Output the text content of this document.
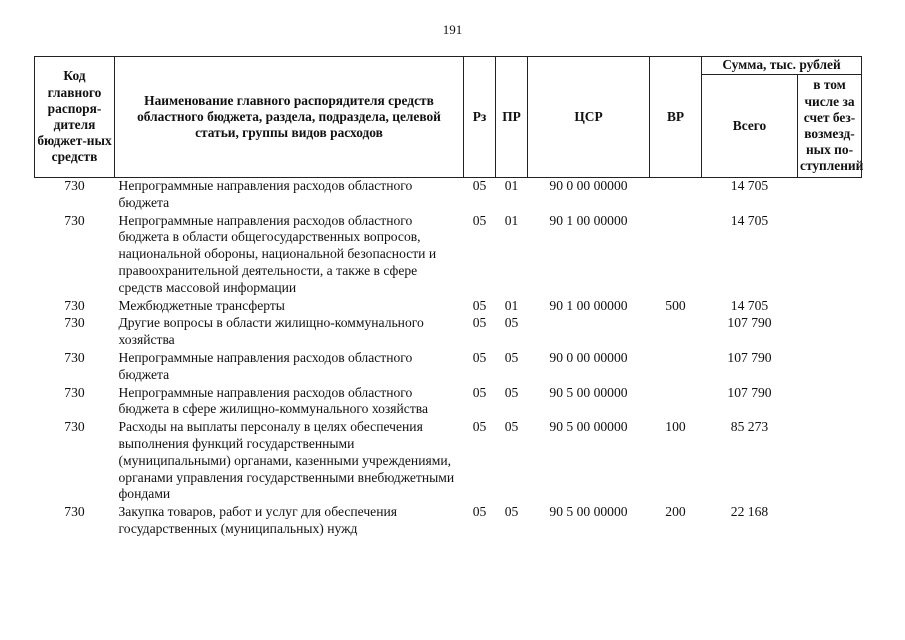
191
Код главного распоря-дителя бюджет-ных средств	Наименование главного распорядителя средств областного бюджета, раздела, подраздела, целевой статьи, группы видов расходов	Рз	ПР	ЦСР	ВР	Сумма, тыс. рублей	
						Всего	в том числе за счет без-возмезд-ных по-ступлений
730	Непрограммные направления расходов областного бюджета	05	01	90 0 00 00000		14 705	
730	Непрограммные направления расходов областного бюджета в области общегосударственных вопросов, национальной обороны, национальной безопасности и правоохранительной деятельности, а также в сфере средств массовой информации	05	01	90 1 00 00000		14 705	
730	Межбюджетные трансферты	05	01	90 1 00 00000	500	14 705	
730	Другие вопросы в области жилищно-коммунального хозяйства	05	05			107 790	
730	Непрограммные направления расходов областного бюджета	05	05	90 0 00 00000		107 790	
730	Непрограммные направления расходов областного бюджета в сфере жилищно-коммунального хозяйства	05	05	90 5 00 00000		107 790	
730	Расходы на выплаты персоналу в целях обеспечения выполнения функций государственными (муниципальными) органами, казенными учреждениями, органами управления государственными внебюджетными фондами	05	05	90 5 00 00000	100	85 273	
730	Закупка товаров, работ и услуг для обеспечения государственных (муниципальных) нужд	05	05	90 5 00 00000	200	22 168	
